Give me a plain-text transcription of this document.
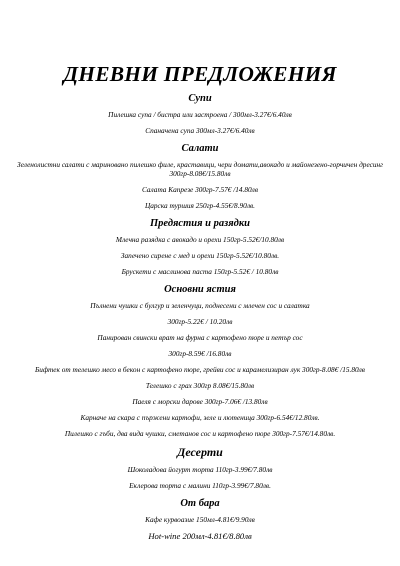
ДНЕВНИ ПРЕДЛОЖЕНИЯ
Супи
Пилешка супа / бистра или застроена / 300мл-3.27€/6.40лв
Спаначена супа 300мл-3.27€/6.40лв
Салати
Зеленолистни салати с мариновано пилешко филе, краставици, чери домати,авокадо и майонезено-горчичен дресинг 300гр-8.08€/15.80лв
Салата Капрезе 300гр-7.57€ /14.80лв
Царска туршия 250гр-4.55€/8.90лв.
Предястия и разядки
Млечна разядка с авокадо и орехи 150гр-5.52€/10.80лв
Запечено сирене с мед и орехи 150гр-5.52€/10.80лв.
Брускети с маслинова паста 150гр-5.52€ / 10.80лв
Основни ястия
Пълнени чушки с булгур и зеленчуци, поднесени с млечен сос и салатка
300гр-5.22€ / 10.20лв
Панирован свински врат на фурна с картофено пюре и петър сос
300гр-8.59€ /16.80лв
Бифтек от телешко месо в бекон с картофено пюре, грейви сос и карамелизиран лук 300гр-8.08€ /15.80лв
Телешко с грах 300гр 8.08€/15.80лв
Паеля с морски дарове 300гр-7.06€ /13.80лв
Карначе на скара с пържени картофи, зеле и лютеница 300гр-6.54€/12.80лв.
Пилешко с гъби, два вида чушки, сметанов сос и картофено пюре 300гр-7.57€/14.80лв.
Десерти
Шоколадова йогурт торта 110гр-3.99€/7.80лв
Еклерова торта с малини 110гр-3.99€/7.80лв.
От бара
Кафе курвоазие 150мл-4.81€/9.90лв
Hot-wine 200мл-4.81€/8.80лв
